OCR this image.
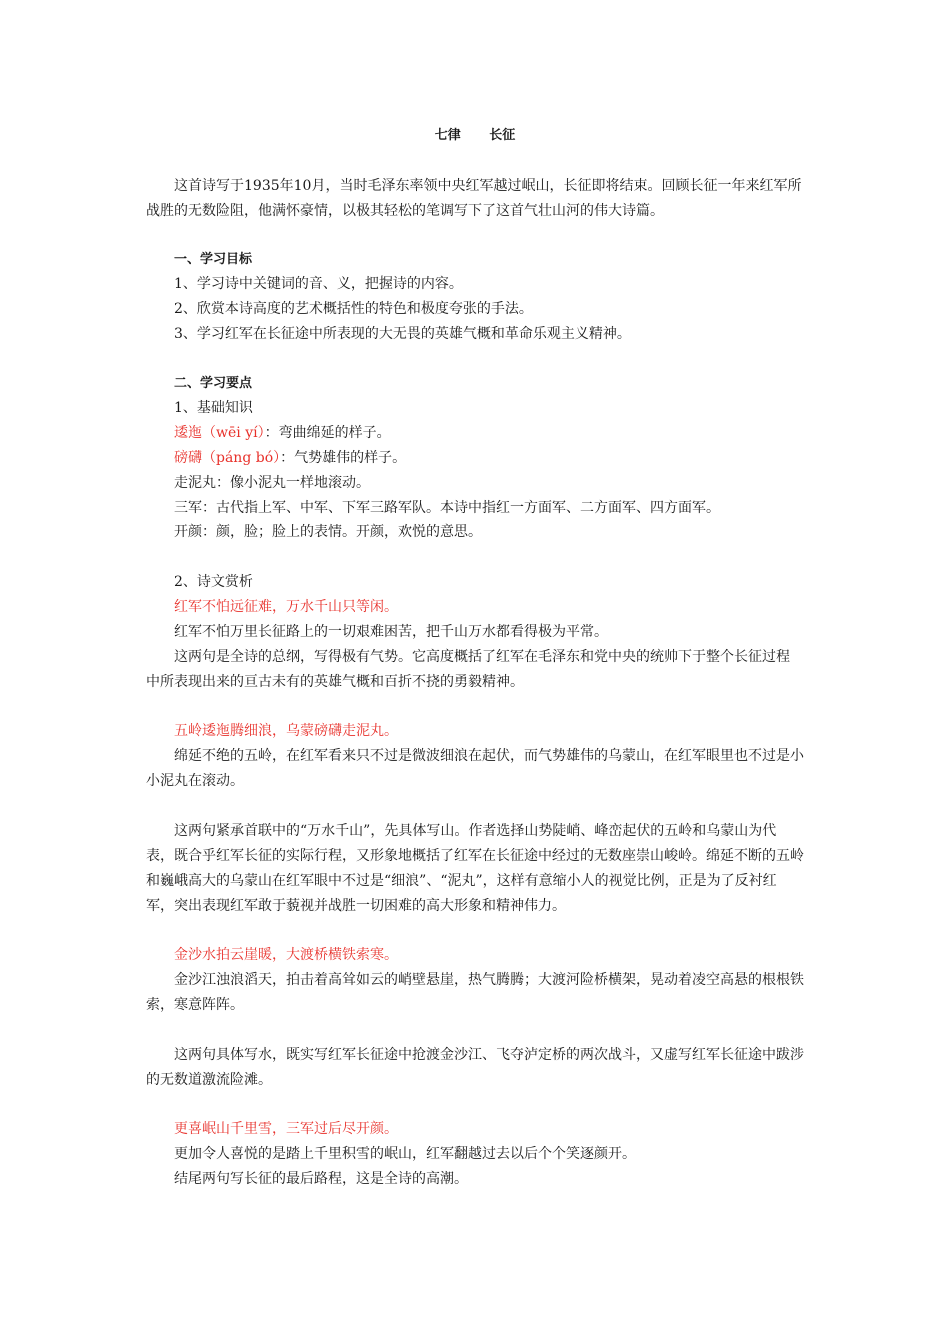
七律 长征
这首诗写于1935年10月，当时毛泽东率领中央红军越过岷山，长征即将结束。回顾长征一年来红军所
战胜的无数险阻，他满怀豪情，以极其轻松的笔调写下了这首气壮山河的伟大诗篇。
一、学习目标
1、学习诗中关键词的音、义，把握诗的内容。
2、欣赏本诗高度的艺术概括性的特色和极度夸张的手法。
3、学习红军在长征途中所表现的大无畏的英雄气概和革命乐观主义精神。
二、学习要点
1、基础知识
逶迤（wēi yí）：弯曲绵延的样子。
磅礴（páng bó）：气势雄伟的样子。
走泥丸：像小泥丸一样地滚动。
三军：古代指上军、中军、下军三路军队。本诗中指红一方面军、二方面军、四方面军。
开颜：颜，脸；脸上的表情。开颜，欢悦的意思。
2、诗文赏析
红军不怕远征难，万水千山只等闲。
红军不怕万里长征路上的一切艰难困苦，把千山万水都看得极为平常。
这两句是全诗的总纲，写得极有气势。它高度概括了红军在毛泽东和党中央的统帅下于整个长征过程
中所表现出来的亘古未有的英雄气概和百折不挠的勇毅精神。
五岭逶迤腾细浪，乌蒙磅礴走泥丸。
绵延不绝的五岭，在红军看来只不过是微波细浪在起伏，而气势雄伟的乌蒙山，在红军眼里也不过是小
小泥丸在滚动。
这两句紧承首联中的“万水千山”，先具体写山。作者选择山势陡峭、峰峦起伏的五岭和乌蒙山为代
表，既合乎红军长征的实际行程，又形象地概括了红军在长征途中经过的无数座崇山峻岭。绵延不断的五岭
和巍峨高大的乌蒙山在红军眼中不过是“细浪”、“泥丸”，这样有意缩小人的视觉比例，正是为了反衬红
军，突出表现红军敢于藐视并战胜一切困难的高大形象和精神伟力。
金沙水拍云崖暖，大渡桥横铁索寒。
金沙江浊浪滔天，拍击着高耸如云的峭壁悬崖，热气腾腾；大渡河险桥横架，晃动着凌空高悬的根根铁
索，寒意阵阵。
这两句具体写水，既实写红军长征途中抢渡金沙江、飞夺泸定桥的两次战斗，又虚写红军长征途中跋涉
的无数道激流险滩。
更喜岷山千里雪，三军过后尽开颜。
更加令人喜悦的是踏上千里积雪的岷山，红军翻越过去以后个个笑逐颜开。
结尾两句写长征的最后路程，这是全诗的高潮。
